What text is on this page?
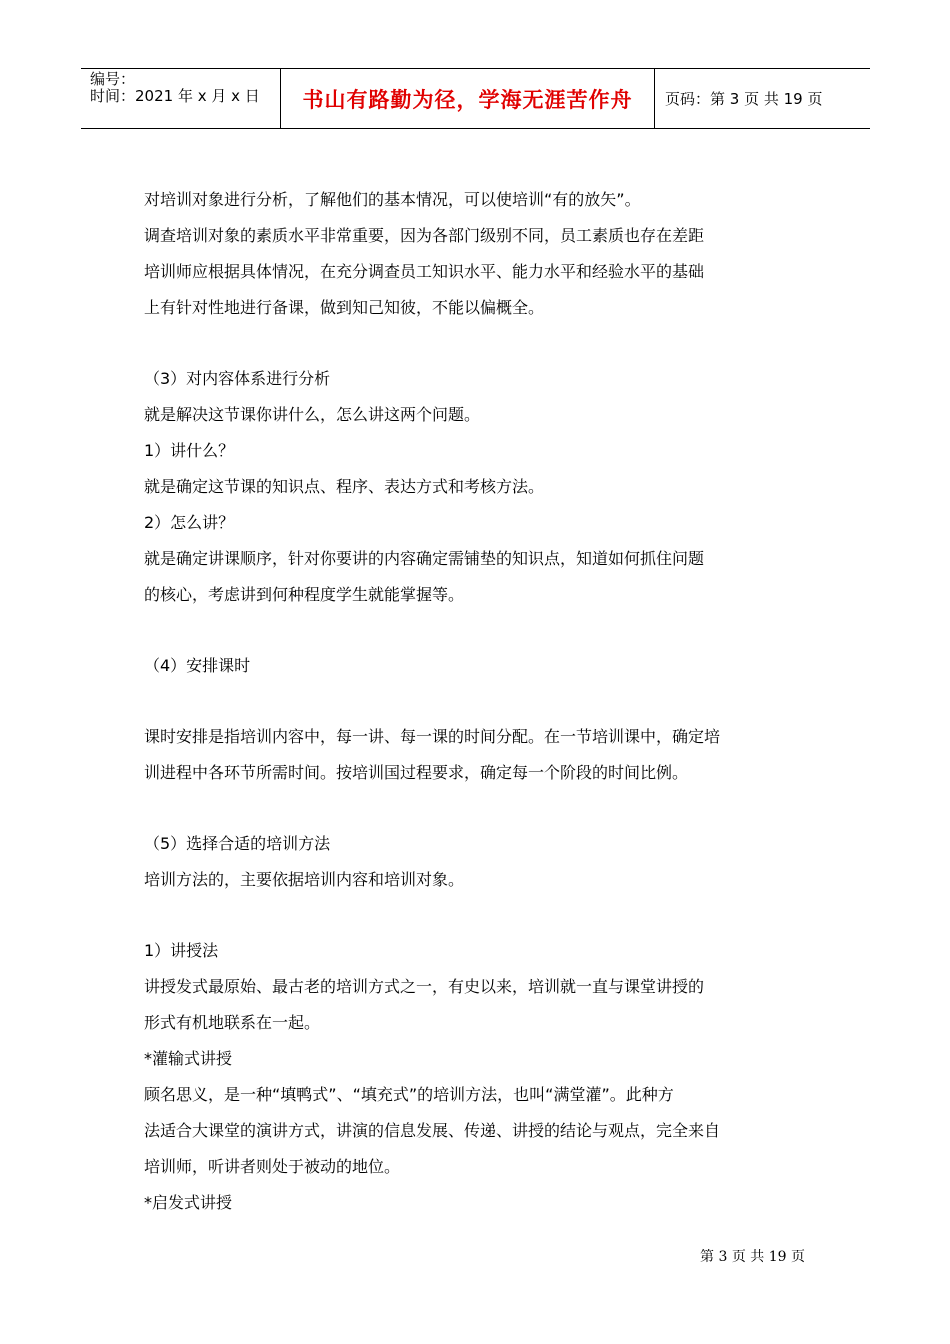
编号：
时间：2021 年 x 月 x 日	书山有路勤为径，学海无涯苦作舟	页码：第 3 页 共 19 页

对培训对象进行分析，了解他们的基本情况，可以使培训“有的放矢”。

调查培训对象的素质水平非常重要，因为各部门级别不同，员工素质也存在差距

培训师应根据具体情况，在充分调查员工知识水平、能力水平和经验水平的基础

上有针对性地进行备课，做到知己知彼，不能以偏概全。

（3）对内容体系进行分析

就是解决这节课你讲什么，怎么讲这两个问题。

1）讲什么？

就是确定这节课的知识点、程序、表达方式和考核方法。

2）怎么讲？

就是确定讲课顺序，针对你要讲的内容确定需铺垫的知识点，知道如何抓住问题

的核心，考虑讲到何种程度学生就能掌握等。

（4）安排课时

课时安排是指培训内容中，每一讲、每一课的时间分配。在一节培训课中，确定培

训进程中各环节所需时间。按培训国过程要求，确定每一个阶段的时间比例。

（5）选择合适的培训方法

培训方法的，主要依据培训内容和培训对象。

1）讲授法

讲授发式最原始、最古老的培训方式之一，有史以来，培训就一直与课堂讲授的

形式有机地联系在一起。

*灌输式讲授

顾名思义，是一种“填鸭式”、“填充式”的培训方法，也叫“满堂灌”。此种方

法适合大课堂的演讲方式，讲演的信息发展、传递、讲授的结论与观点，完全来自

培训师，听讲者则处于被动的地位。

*启发式讲授

第 3 页 共 19 页
